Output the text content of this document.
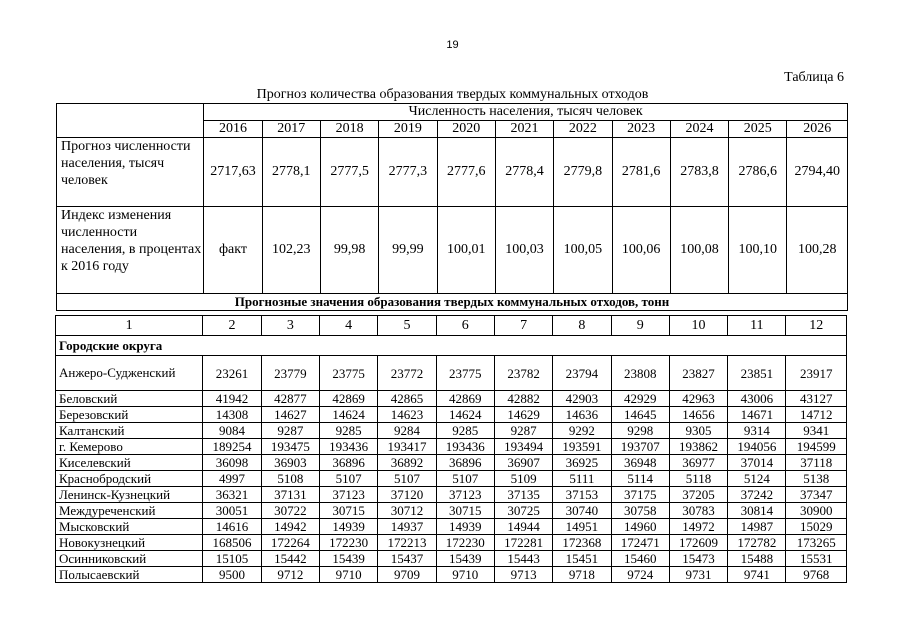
19
Таблица 6
Прогноз количества образования твердых коммунальных отходов
	Численность населения, тысяч человек										
	2016	2017	2018	2019	2020	2021	2022	2023	2024	2025	2026
Прогноз численности населения, тысяч человек	2717,63	2778,1	2777,5	2777,3	2777,6	2778,4	2779,8	2781,6	2783,8	2786,6	2794,40
Индекс изменения численности населения, в процентах к 2016 году	факт	102,23	99,98	99,99	100,01	100,03	100,05	100,06	100,08	100,10	100,28
Прогнозные значения образования твердых коммунальных отходов, тонн											
1	2	3	4	5	6	7	8	9	10	11	12
Городские округа											
Анжеро-Судженский	23261	23779	23775	23772	23775	23782	23794	23808	23827	23851	23917
Беловский	41942	42877	42869	42865	42869	42882	42903	42929	42963	43006	43127
Березовский	14308	14627	14624	14623	14624	14629	14636	14645	14656	14671	14712
Калтанский	9084	9287	9285	9284	9285	9287	9292	9298	9305	9314	9341
г. Кемерово	189254	193475	193436	193417	193436	193494	193591	193707	193862	194056	194599
Киселевский	36098	36903	36896	36892	36896	36907	36925	36948	36977	37014	37118
Краснобродский	4997	5108	5107	5107	5107	5109	5111	5114	5118	5124	5138
Ленинск-Кузнецкий	36321	37131	37123	37120	37123	37135	37153	37175	37205	37242	37347
Междуреченский	30051	30722	30715	30712	30715	30725	30740	30758	30783	30814	30900
Мысковский	14616	14942	14939	14937	14939	14944	14951	14960	14972	14987	15029
Новокузнецкий	168506	172264	172230	172213	172230	172281	172368	172471	172609	172782	173265
Осинниковский	15105	15442	15439	15437	15439	15443	15451	15460	15473	15488	15531
Полысаевский	9500	9712	9710	9709	9710	9713	9718	9724	9731	9741	9768
